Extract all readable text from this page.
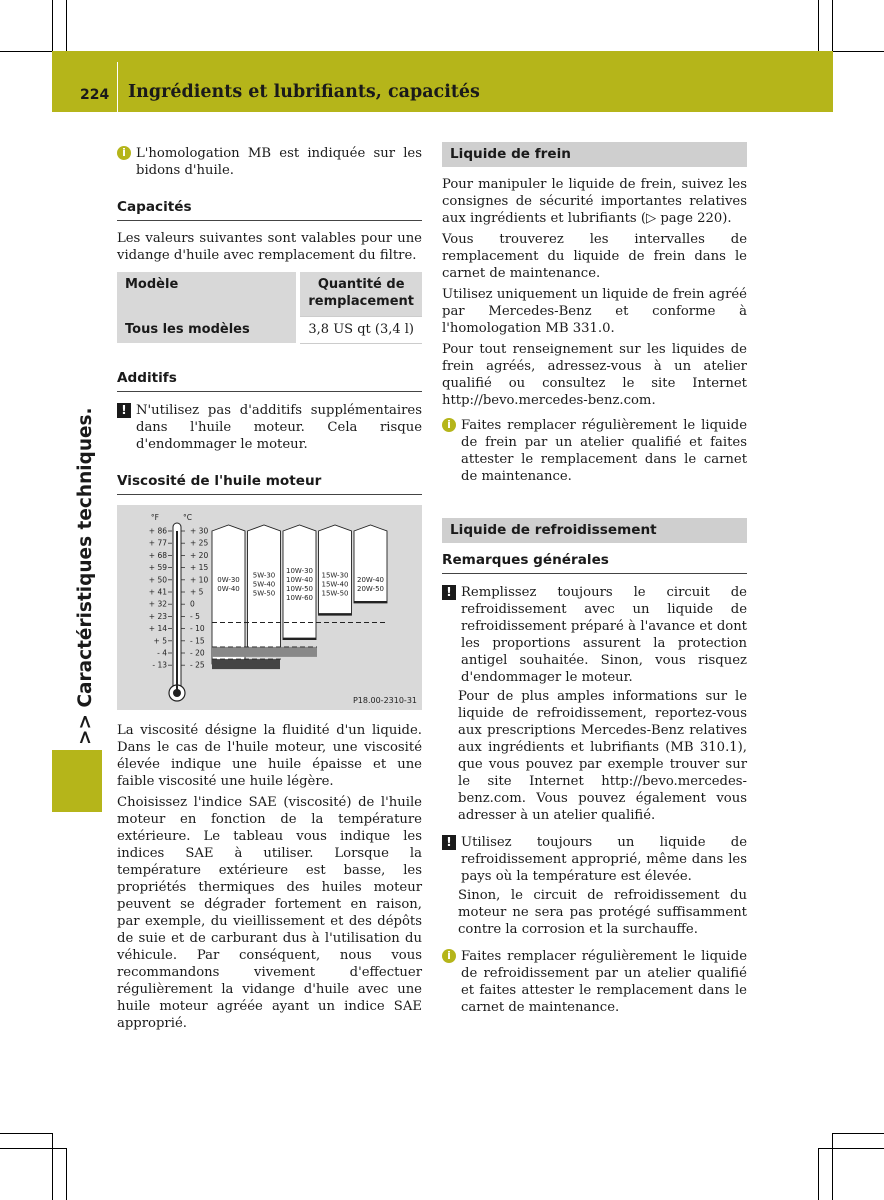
224 Ingrédients et lubrifiants, capacités
>> Caractéristiques techniques.
i L'homologation MB est indiquée sur les bidons d'huile.
Capacités

Les valeurs suivantes sont valables pour une vidange d'huile avec remplacement du filtre.

Modèle	Quantité de remplacement
Tous les modèles	3,8 US qt (3,4 l)
Additifs
! N'utilisez pas d'additifs supplémentaires dans l'huile moteur. Cela risque d'endommager le moteur.
Viscosité de l'huile moteur
°F	°C
+ 86	+ 30
+ 77	+ 25
+ 68	+ 20
+ 59	+ 15
+ 50	+ 10
+ 41	+ 5
+ 32	0
+ 23	- 5
+ 14	- 10
+ 5	- 15
- 4	- 20
- 13	- 25
0W-30
0W-40
5W-30
5W-40
5W-50
10W-30
10W-40
10W-50
10W-60
15W-30
15W-40
15W-50
20W-40
20W-50
P18.00-2310-31

La viscosité désigne la fluidité d'un liquide. Dans le cas de l'huile moteur, une viscosité élevée indique une huile épaisse et une faible viscosité une huile légère.

Choisissez l'indice SAE (viscosité) de l'huile moteur en fonction de la température extérieure. Le tableau vous indique les indices SAE à utiliser. Lorsque la température extérieure est basse, les propriétés thermiques des huiles moteur peuvent se dégrader fortement en raison, par exemple, du vieillissement et des dépôts de suie et de carburant dus à l'utilisation du véhicule. Par conséquent, nous vous recommandons vivement d'effectuer régulièrement la vidange d'huile avec une huile moteur agréée ayant un indice SAE approprié.

Liquide de frein

Pour manipuler le liquide de frein, suivez les consignes de sécurité importantes relatives aux ingrédients et lubrifiants (▷ page 220).

Vous trouverez les intervalles de remplacement du liquide de frein dans le carnet de maintenance.

Utilisez uniquement un liquide de frein agréé par Mercedes-Benz et conforme à l'homologation MB 331.0.

Pour tout renseignement sur les liquides de frein agréés, adressez-vous à un atelier qualifié ou consultez le site Internet http://bevo.mercedes-benz.com.

i Faites remplacer régulièrement le liquide de frein par un atelier qualifié et faites attester le remplacement dans le carnet de maintenance.
Liquide de refroidissement
Remarques générales
! Remplissez toujours le circuit de refroidissement avec un liquide de refroidissement préparé à l'avance et dont les proportions assurent la protection antigel souhaitée. Sinon, vous risquez d'endommager le moteur.
Pour de plus amples informations sur le liquide de refroidissement, reportez-vous aux prescriptions Mercedes-Benz relatives aux ingrédients et lubrifiants (MB 310.1), que vous pouvez par exemple trouver sur le site Internet http://bevo.mercedes-benz.com. Vous pouvez également vous adresser à un atelier qualifié.
! Utilisez toujours un liquide de refroidissement approprié, même dans les pays où la température est élevée.
Sinon, le circuit de refroidissement du moteur ne sera pas protégé suffisamment contre la corrosion et la surchauffe.
i Faites remplacer régulièrement le liquide de refroidissement par un atelier qualifié et faites attester le remplacement dans le carnet de maintenance.
